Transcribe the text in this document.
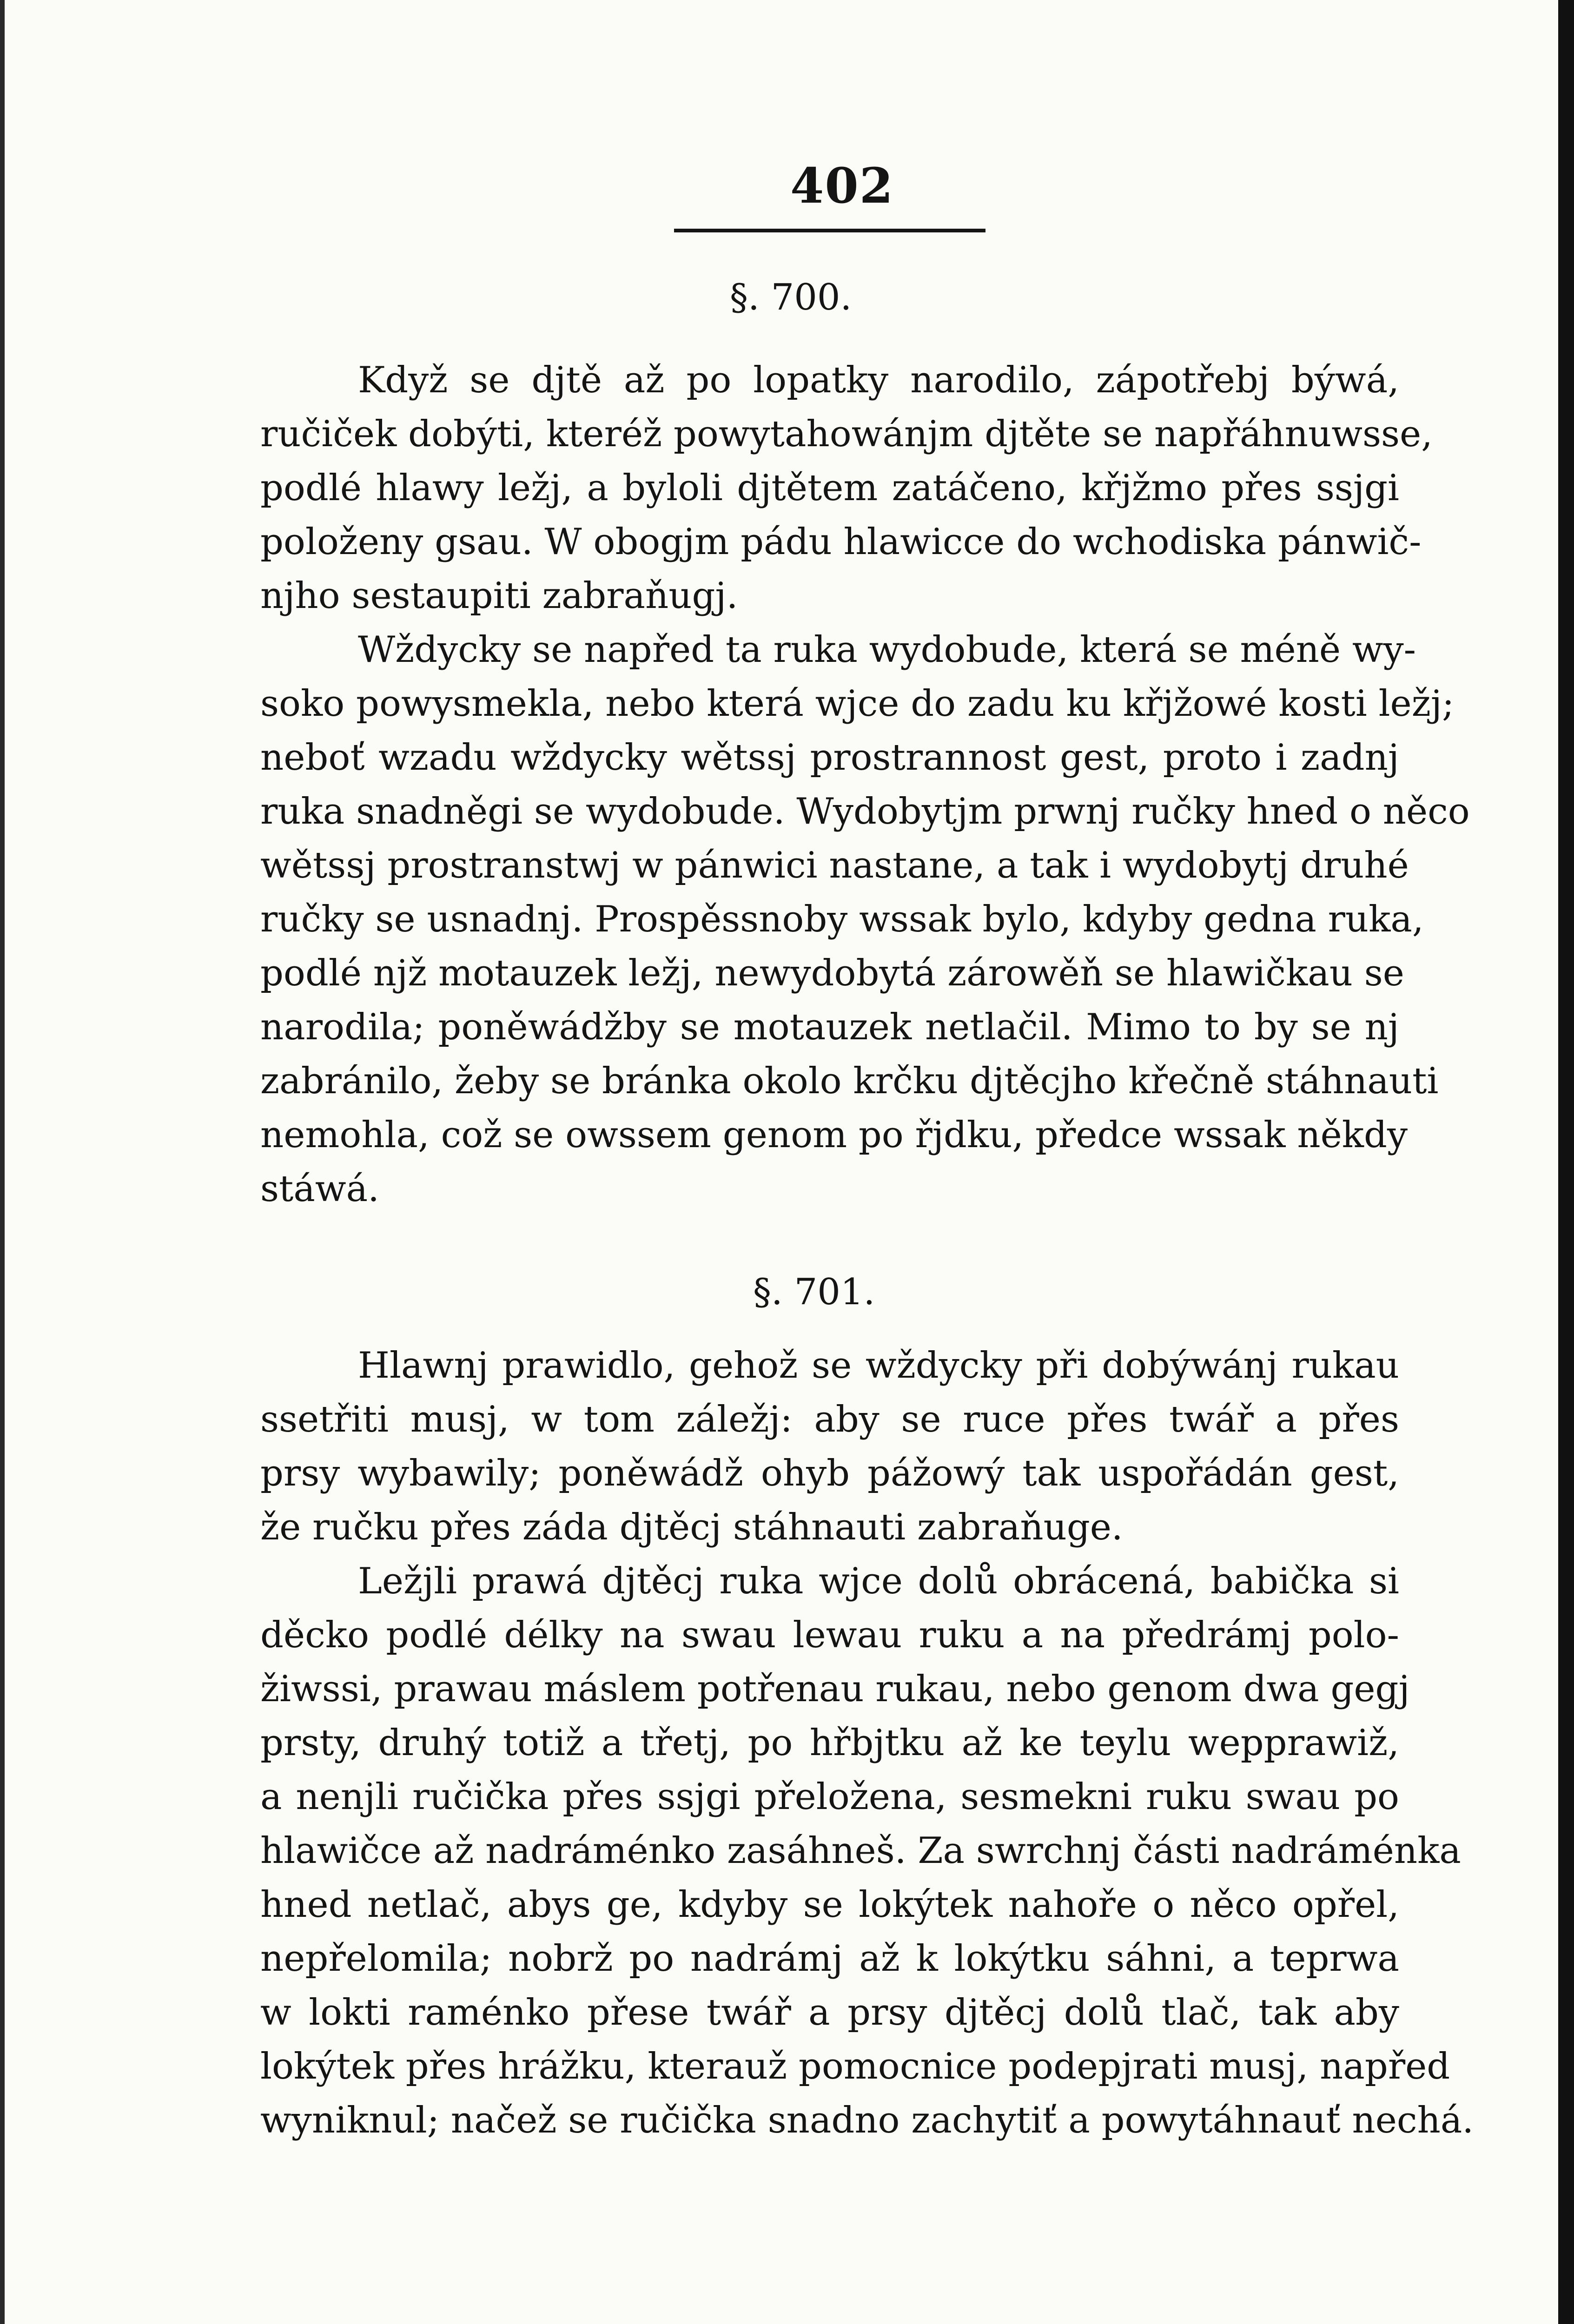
402
§. 700.
Když se djtě až po lopatky narodilo, zápotřebj býwá,
ručiček dobýti, kteréž powytahowánjm djtěte se napřáhnuwsse,
podlé hlawy ležj, a byloli djtětem zatáčeno, křjžmo přes ssjgi
položeny gsau. W obogjm pádu hlawicce do wchodiska pánwič-
njho sestaupiti zabraňugj.
Wždycky se napřed ta ruka wydobude, která se méně wy-
soko powysmekla, nebo která wjce do zadu ku křjžowé kosti ležj;
neboť wzadu wždycky wětssj prostrannost gest, proto i zadnj
ruka snadněgi se wydobude. Wydobytjm prwnj ručky hned o něco
wětssj prostranstwj w pánwici nastane, a tak i wydobytj druhé
ručky se usnadnj. Prospěssnoby wssak bylo, kdyby gedna ruka,
podlé njž motauzek ležj, newydobytá zárowěň se hlawičkau se
narodila; poněwádžby se motauzek netlačil. Mimo to by se nj
zabránilo, žeby se bránka okolo krčku djtěcjho křečně stáhnauti
nemohla, což se owssem genom po řjdku, předce wssak někdy
stáwá.
§. 701.
Hlawnj prawidlo, gehož se wždycky při dobýwánj rukau
ssetřiti musj, w tom záležj: aby se ruce přes twář a přes
prsy wybawily; poněwádž ohyb pážowý tak uspořádán gest,
že ručku přes záda djtěcj stáhnauti zabraňuge.
Ležjli prawá djtěcj ruka wjce dolů obrácená, babička si
děcko podlé délky na swau lewau ruku a na předrámj polo-
žiwssi, prawau máslem potřenau rukau, nebo genom dwa gegj
prsty, druhý totiž a třetj, po hřbjtku až ke teylu wepprawiž,
a nenjli ručička přes ssjgi přeložena, sesmekni ruku swau po
hlawičce až nadráménko zasáhneš. Za swrchnj části nadráménka
hned netlač, abys ge, kdyby se lokýtek nahoře o něco opřel,
nepřelomila; nobrž po nadrámj až k lokýtku sáhni, a teprwa
w lokti raménko přese twář a prsy djtěcj dolů tlač, tak aby
lokýtek přes hrážku, kterauž pomocnice podepjrati musj, napřed
wyniknul; načež se ručička snadno zachytiť a powytáhnauť nechá.
